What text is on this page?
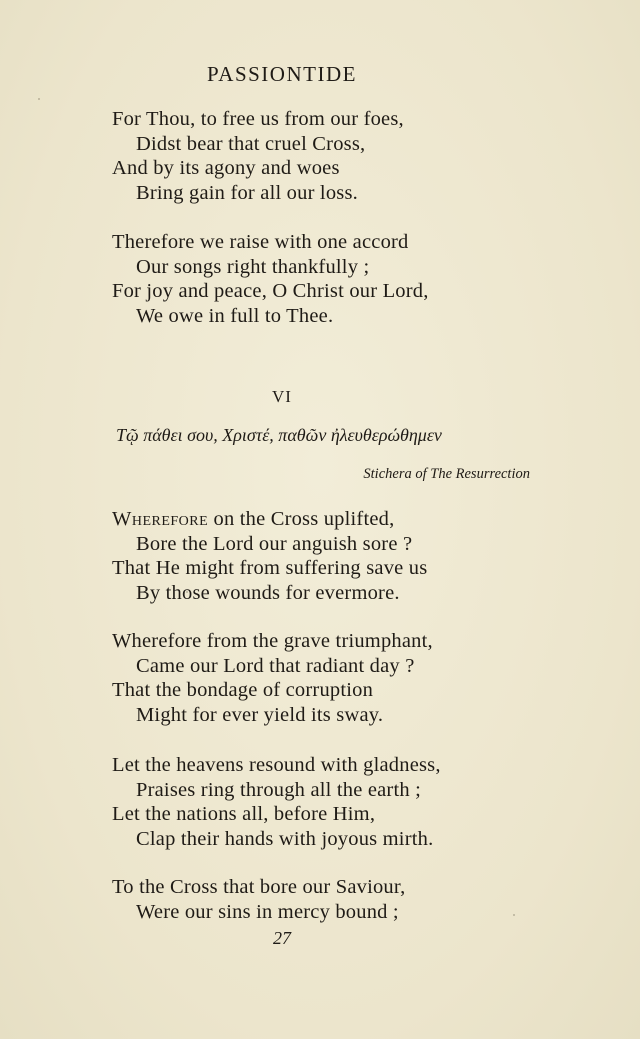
PASSIONTIDE
For Thou, to free us from our foes,
Didst bear that cruel Cross,
And by its agony and woes
Bring gain for all our loss.
Therefore we raise with one accord
Our songs right thankfully ;
For joy and peace, O Christ our Lord,
We owe in full to Thee.
VI
Τῷ πάθει σου, Χριστέ, παθῶν ἠλευθερώθημεν
Stichera of The Resurrection
Wherefore on the Cross uplifted,
Bore the Lord our anguish sore ?
That He might from suffering save us
By those wounds for evermore.
Wherefore from the grave triumphant,
Came our Lord that radiant day ?
That the bondage of corruption
Might for ever yield its sway.
Let the heavens resound with gladness,
Praises ring through all the earth ;
Let the nations all, before Him,
Clap their hands with joyous mirth.
To the Cross that bore our Saviour,
Were our sins in mercy bound ;
27
